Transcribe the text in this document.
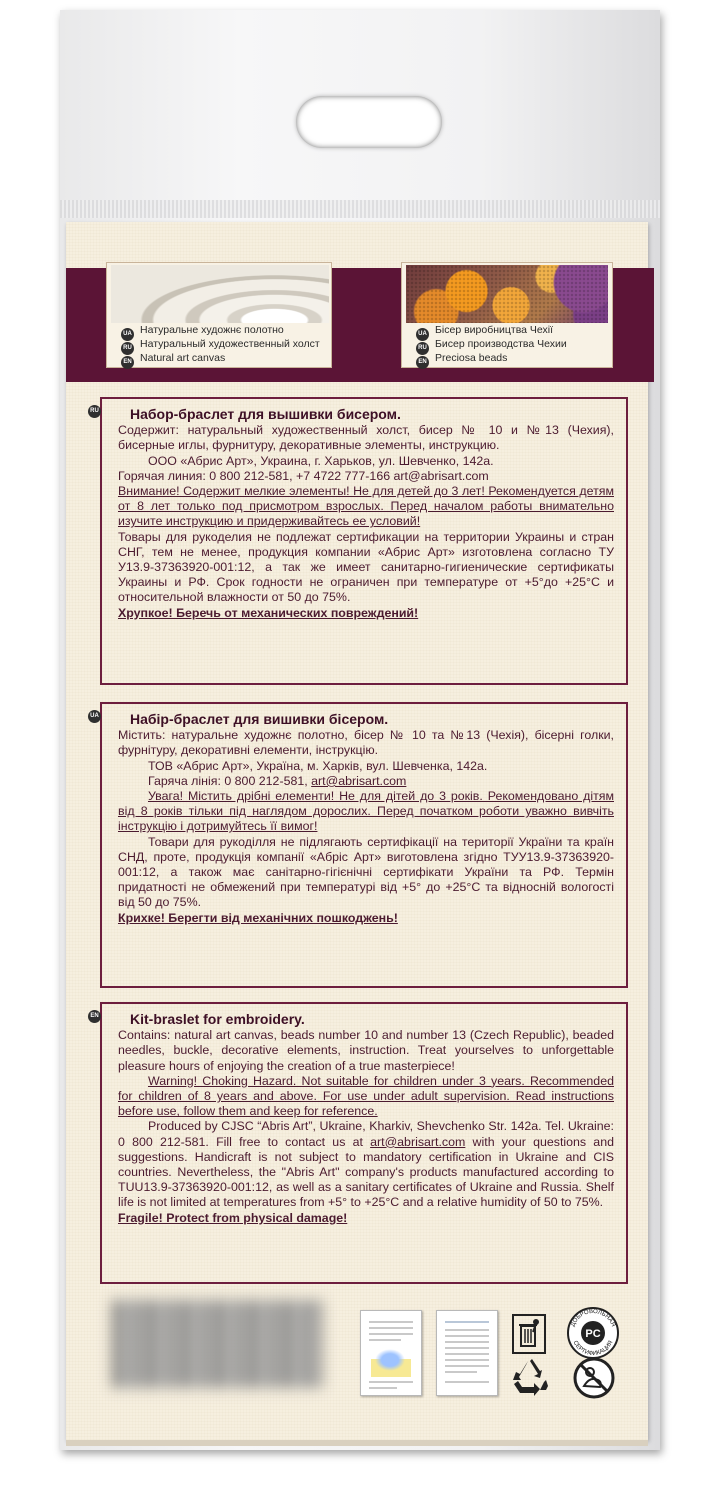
UA Натуральне художнє полотно
RU Натуральный художественный холст
EN Natural art canvas
UA Бісер виробництва Чехії
RU Бисер производства Чехии
EN Preciosa beads
RU Набор-браслет для вышивки бисером.

Содержит: натуральный художественный холст, бисер № 10 и №13 (Чехия), бисерные иглы, фурнитуру, декоративные элементы, инструкцию.

ООО «Абрис Арт», Украина, г. Харьков, ул. Шевченко, 142а.

Горячая линия: 0 800 212-581, +7 4722 777-166 art@abrisart.com

Внимание! Содержит мелкие элементы! Не для детей до 3 лет! Рекомендуется детям от 8 лет только под присмотром взрослых. Перед началом работы внимательно изучите инструкцию и придерживайтесь ее условий!

Товары для рукоделия не подлежат сертификации на территории Украины и стран СНГ, тем не менее, продукция компании «Абрис Арт» изготовлена согласно ТУ У13.9-37363920-001:12, а так же имеет санитарно-гигиенические сертификаты Украины и РФ. Срок годности не ограничен при температуре от +5°до +25°С и относительной влажности от 50 до 75%.

Хрупкое! Беречь от механических повреждений!

UA Набір-браслет для вишивки бісером.

Містить: натуральне художнє полотно, бісер № 10 та №13 (Чехія), бісерні голки, фурнітуру, декоративні елементи, інструкцію.

ТОВ «Абрис Арт», Україна, м. Харків, вул. Шевченка, 142а.

Гаряча лінія: 0 800 212-581, art@abrisart.com

Увага! Містить дрібні елементи! Не для дітей до 3 років. Рекомендовано дітям від 8 років тільки під наглядом дорослих. Перед початком роботи уважно вивчіть інструкцію і дотримуйтесь її вимог!

Товари для рукоділля не підлягають сертифікації на території України та країн СНД, проте, продукція компанії «Абріс Арт» виготовлена згідно ТУУ13.9-37363920-001:12, а також має санітарно-гігієнічні сертифікати України та РФ. Термін придатності не обмежений при температурі від +5° до +25°С та відносній вологості від 50 до 75%.

Крихке! Берегти від механічних пошкоджень!

EN Kit-braslet for embroidery.

Contains: natural art canvas, beads number 10 and number 13 (Czech Republic), beaded needles, buckle, decorative elements, instruction. Treat yourselves to unforgettable pleasure hours of enjoying the creation of a true masterpiece!

Warning! Choking Hazard. Not suitable for children under 3 years. Recommended for children of 8 years and above. For use under adult supervision. Read instructions before use, follow them and keep for reference.

Produced by CJSC “Abris Art”, Ukraine, Kharkiv, Shevchenko Str. 142a. Tel. Ukraine: 0 800 212-581. Fill free to contact us at art@abrisart.com with your questions and suggestions. Handicraft is not subject to mandatory certification in Ukraine and CIS countries. Nevertheless, the "Abris Art" company's products manufactured according to TUU13.9-37363920-001:12, as well as a sanitary certificates of Ukraine and Russia. Shelf life is not limited at temperatures from +5° to +25°C and a relative humidity of 50 to 75%.

Fragile! Protect from physical damage!

PC
ДОБРОВОЛЬНАЯ
СЕРТИФИКАЦИЯ
